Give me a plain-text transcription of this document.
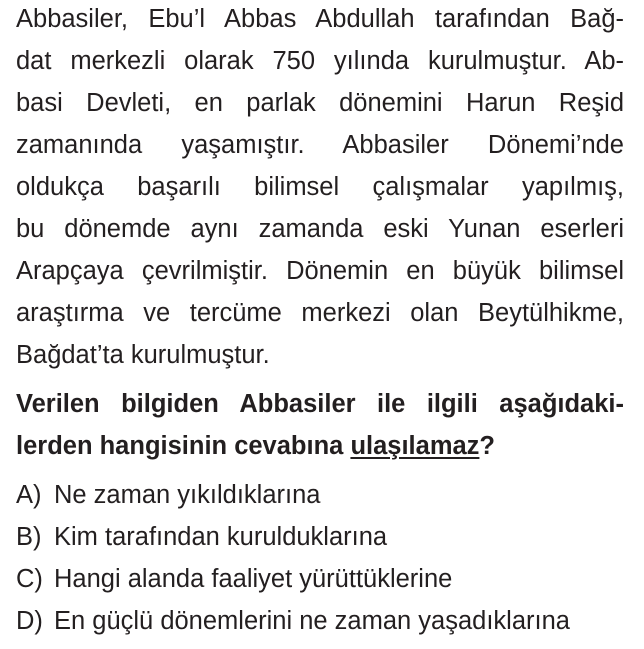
Abbasiler, Ebu’l Abbas Abdullah tarafından Bağ-
dat merkezli olarak 750 yılında kurulmuştur. Ab-
basi Devleti, en parlak dönemini Harun Reşid
zamanında yaşamıştır. Abbasiler Dönemi’nde
oldukça başarılı bilimsel çalışmalar yapılmış,
bu dönemde aynı zamanda eski Yunan eserleri
Arapçaya çevrilmiştir. Dönemin en büyük bilimsel
araştırma ve tercüme merkezi olan Beytülhikme,
Bağdat’ta kurulmuştur.
Verilen bilgiden Abbasiler ile ilgili aşağıdaki-
lerden hangisinin cevabına ulaşılamaz?
A) Ne zaman yıkıldıklarına
B) Kim tarafından kurulduklarına
C) Hangi alanda faaliyet yürüttüklerine
D) En güçlü dönemlerini ne zaman yaşadıklarına
